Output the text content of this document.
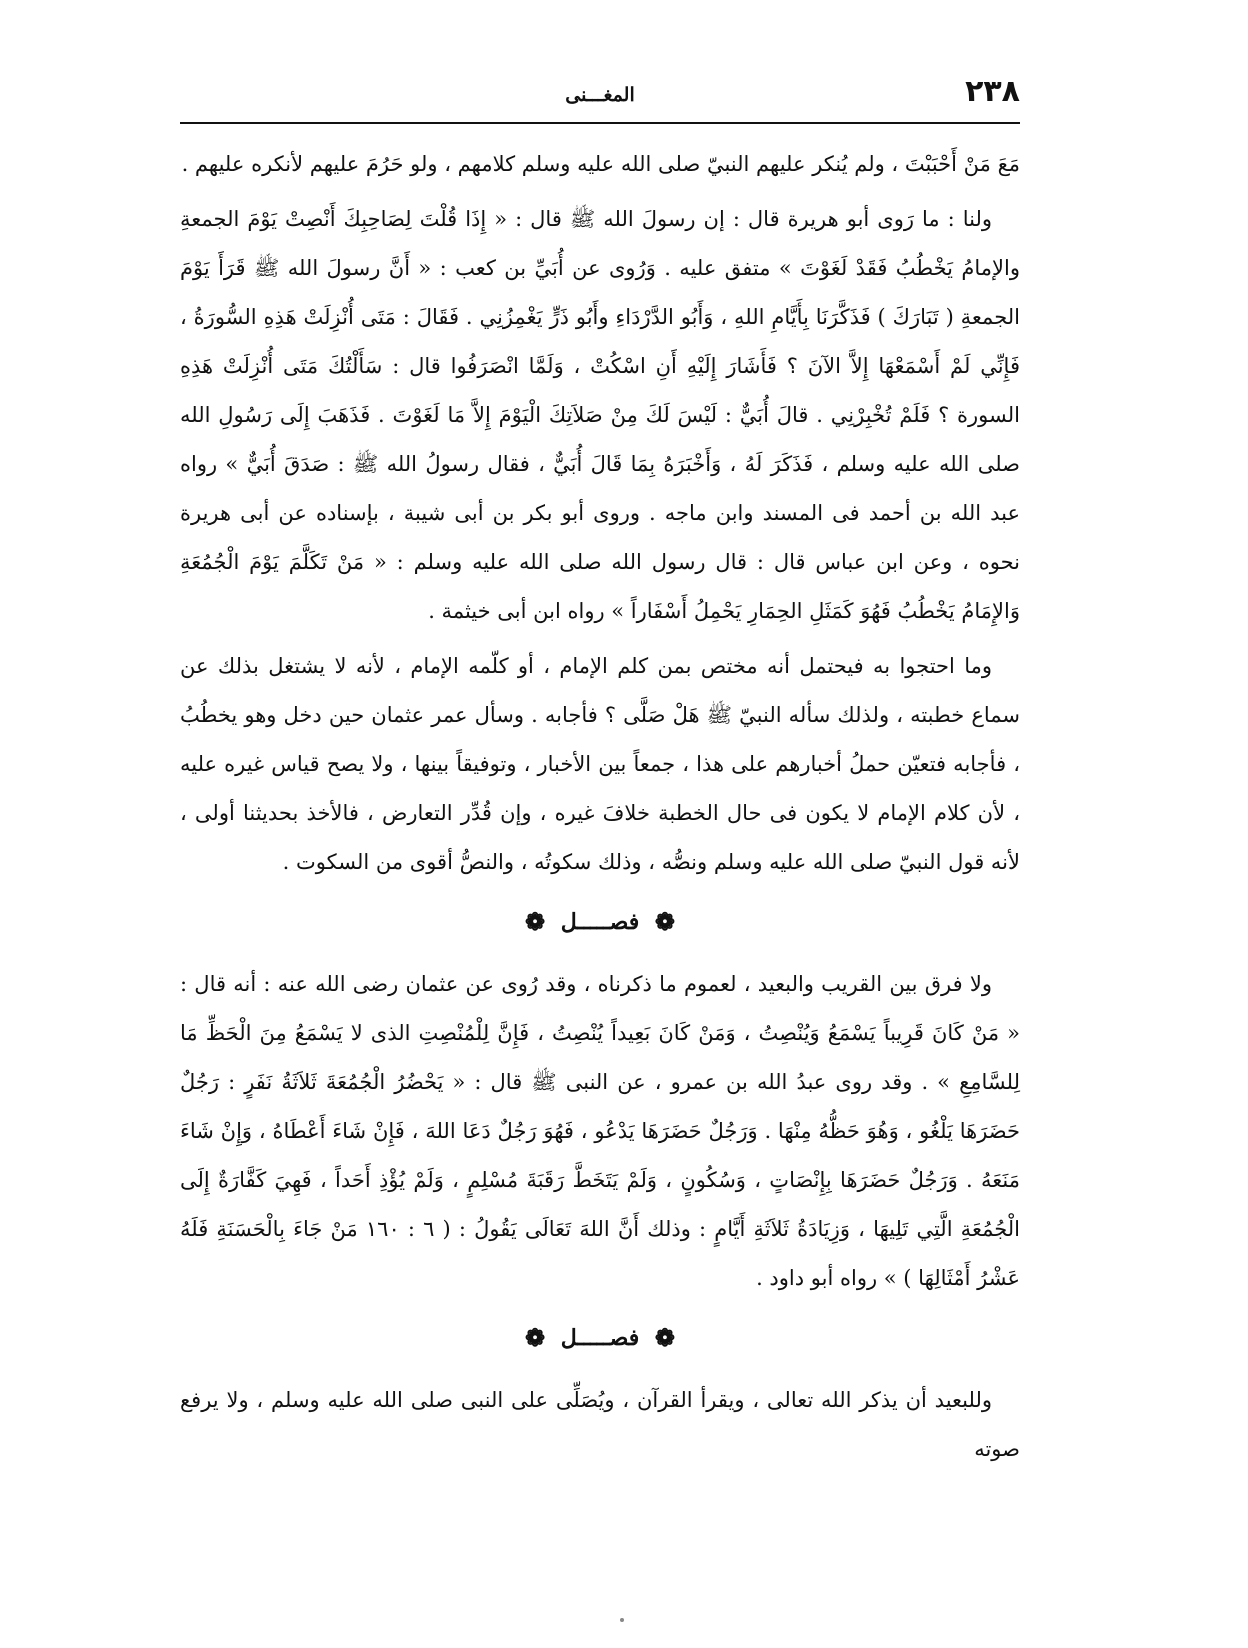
٢٣٨
المغـــنى

مَعَ مَنْ أَحْبَبْتَ ، ولم يُنكر عليهم النبيّ صلى الله عليه وسلم كلامهم ، ولو حَرُمَ عليهم لأنكره عليهم .

ولنا : ما رَوى أبو هريرة قال : إن رسولَ الله ﷺ قال : « إِذَا قُلْتَ لِصَاحِبِكَ أَنْصِتْ يَوْمَ الجمعةِ والإمامُ يَخْطُبُ فَقَدْ لَغَوْتَ » متفق عليه . وَرُوى عن أُبَيِّ بن كعب : « أَنَّ رسولَ الله ﷺ قَرَأَ يَوْمَ الجمعةِ ( تَبَارَكَ ) فَذَكَّرَنَا بِأَيَّامِ اللهِ ، وَأَبُو الدَّرْدَاءِ وأَبُو ذَرٍّ يَغْمِزُنِي . فَقَالَ : مَتَى أُنْزِلَتْ هَذِهِ السُّورَةُ ، فَإِنِّي لَمْ أَسْمَعْهَا إِلاَّ الآنَ ؟ فَأَشَارَ إِلَيْهِ أَنِ اسْكُتْ ، وَلَمَّا انْصَرَفُوا قال : سَأَلْتُكَ مَتَى أُنْزِلَتْ هَذِهِ السورة ؟ فَلَمْ تُخْبِرْنِي . قالَ أُبَيٌّ : لَيْسَ لَكَ مِنْ صَلاَتِكَ الْيَوْمَ إِلاَّ مَا لَغَوْتَ . فَذَهَبَ إِلَى رَسُولِ الله صلى الله عليه وسلم ، فَذَكَرَ لَهُ ، وَأَخْبَرَهُ بِمَا قَالَ أُبَيٌّ ، فقال رسولُ الله ﷺ : صَدَقَ أُبَيٌّ » رواه عبد الله بن أحمد فى المسند وابن ماجه . وروى أبو بكر بن أبى شيبة ، بإسناده عن أبى هريرة نحوه ، وعن ابن عباس قال : قال رسول الله صلى الله عليه وسلم : « مَنْ تَكَلَّمَ يَوْمَ الْجُمُعَةِ وَالإِمَامُ يَخْطُبُ فَهُوَ كَمَثَلِ الحِمَارِ يَحْمِلُ أَسْفَاراً » رواه ابن أبى خيثمة .

وما احتجوا به فيحتمل أنه مختص بمن كلم الإمام ، أو كلّمه الإمام ، لأنه لا يشتغل بذلك عن سماع خطبته ، ولذلك سأله النبيّ ﷺ هَلْ صَلَّى ؟ فأجابه . وسأل عمر عثمان حين دخل وهو يخطُبُ ، فأجابه فتعيّن حملُ أخبارهم على هذا ، جمعاً بين الأخبار ، وتوفيقاً بينها ، ولا يصح قياس غيره عليه ، لأن كلام الإمام لا يكون فى حال الخطبة خلافَ غيره ، وإن قُدِّر التعارض ، فالأخذ بحديثنا أولى ، لأنه قول النبيّ صلى الله عليه وسلم ونصُّه ، وذلك سكوتُه ، والنصُّ أقوى من السكوت .

❁ فصـــــل ❁

ولا فرق بين القريب والبعيد ، لعموم ما ذكرناه ، وقد رُوى عن عثمان رضى الله عنه : أنه قال : « مَنْ كَانَ قَرِيباً يَسْمَعُ وَيُنْصِتُ ، وَمَنْ كَانَ بَعِيداً يُنْصِتُ ، فَإِنَّ لِلْمُنْصِتِ الذى لا يَسْمَعُ مِنَ الْحَظِّ مَا لِلسَّامِعِ » . وقد روى عبدُ الله بن عمرو ، عن النبى ﷺ قال : « يَحْضُرُ الْجُمُعَةَ ثَلاَثَةُ نَفَرٍ : رَجُلٌ حَضَرَهَا يَلْغُو ، وَهُوَ حَظُّهُ مِنْهَا . وَرَجُلٌ حَضَرَهَا يَدْعُو ، فَهُوَ رَجُلٌ دَعَا اللهَ ، فَإِنْ شَاءَ أَعْطَاهُ ، وَإِنْ شَاءَ مَنَعَهُ . وَرَجُلٌ حَضَرَهَا بِإِنْصَاتٍ ، وَسُكُونٍ ، وَلَمْ يَتَخَطَّ رَقَبَةَ مُسْلِمٍ ، وَلَمْ يُؤْذِ أَحَداً ، فَهِيَ كَفَّارَةٌ إِلَى الْجُمُعَةِ الَّتِي تَلِيهَا ، وَزِيَادَةُ ثَلاَثَةِ أَيَّامٍ : وذلك أَنَّ اللهَ تَعَالَى يَقُولُ : ( ٦ : ١٦٠ مَنْ جَاءَ بِالْحَسَنَةِ فَلَهُ عَشْرُ أَمْثَالِهَا ) » رواه أبو داود .

❁ فصـــــل ❁

وللبعيد أن يذكر الله تعالى ، ويقرأ القرآن ، ويُصَلِّى على النبى صلى الله عليه وسلم ، ولا يرفع صوته
